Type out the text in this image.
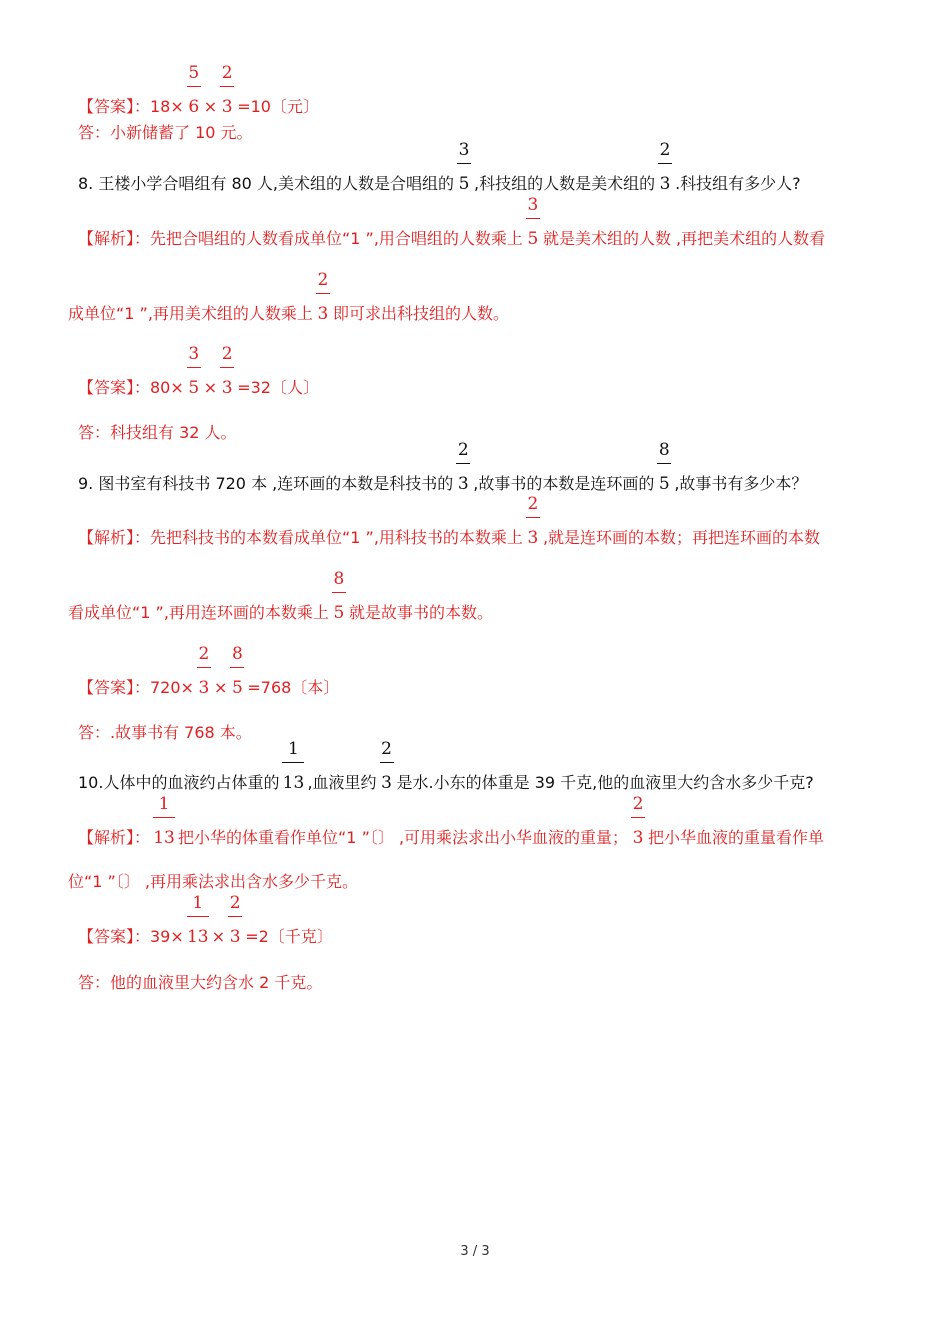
【答案】：$18\times \frac{5}{6} \times \frac{2}{3} =10$〔元〕
答：小新储蓄了 10 元。
8. 王楼小学合唱组有 80 人,美术组的人数是合唱组的 $\frac{3}{5}$ ,科技组的人数是美术组的 $\frac{2}{3}$ .科技组有多少人?
【解析】：先把合唱组的人数看成单位“1 ”,用合唱组的人数乘上 $\frac{3}{5}$ 就是美术组的人数 ,再把美术组的人数看
成单位“1 ”,再用美术组的人数乘上 $\frac{2}{3}$ 即可求出科技组的人数。
【答案】：$80\times \frac{3}{5} \times \frac{2}{3} =32$〔人〕
答：科技组有 32 人。
9. 图书室有科技书 720 本 ,连环画的本数是科技书的 $\frac{2}{3}$ ,故事书的本数是连环画的 $\frac{8}{5}$ ,故事书有多少本？
【解析】：先把科技书的本数看成单位“1 ”,用科技书的本数乘上 $\frac{2}{3}$ ,就是连环画的本数；再把连环画的本数
看成单位“1 ”,再用连环画的本数乘上 $\frac{8}{5}$ 就是故事书的本数。
【答案】：$720\times \frac{2}{3} \times \frac{8}{5} =768$〔本〕
答：.故事书有 768 本。
10.人体中的血液约占体重的 $\frac{1}{13}$ ,血液里约 $\frac{2}{3}$ 是水.小东的体重是 39 千克,他的血液里大约含水多少千克?
【解析】： $\frac{1}{13}$ 把小华的体重看作单位“1 ”〔〕 ,可用乘法求出小华血液的重量； $\frac{2}{3}$ 把小华血液的重量看作单
位“1 ”〔〕 ,再用乘法求出含水多少千克。
【答案】：$39\times \frac{1}{13} \times \frac{2}{3} =2$〔千克〕
答：他的血液里大约含水 2 千克。
3 / 3
